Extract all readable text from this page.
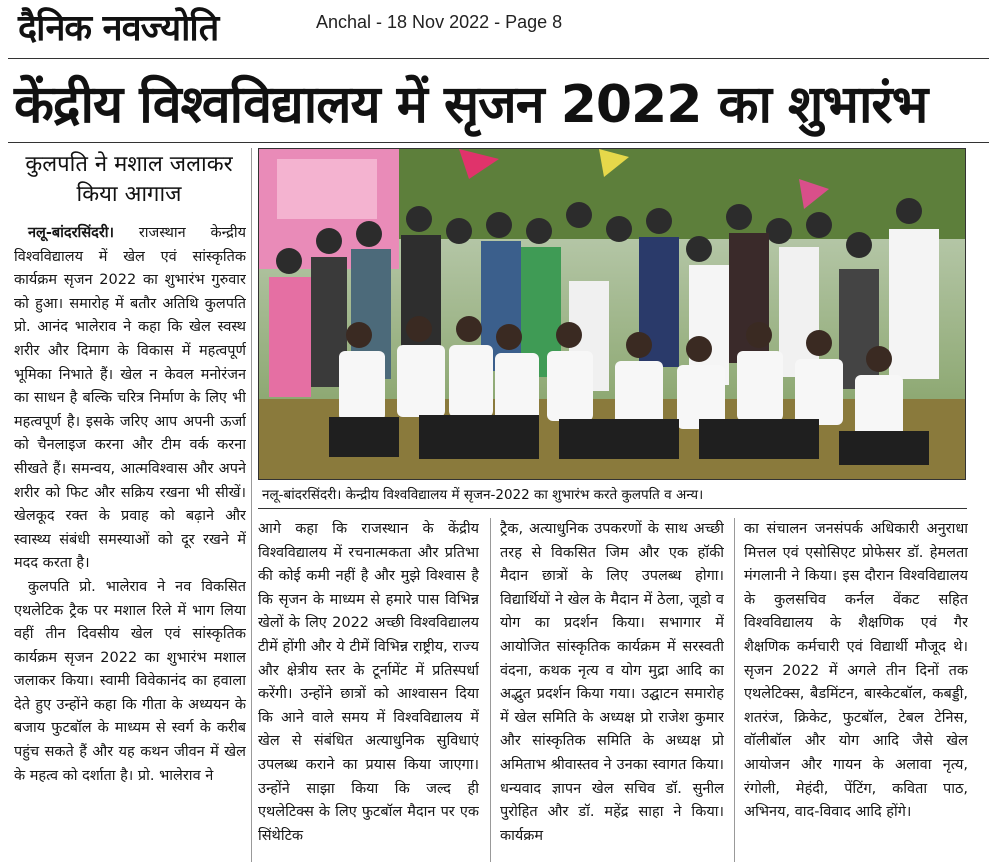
दैनिक नवज्योति	Anchal - 18 Nov 2022 - Page 8
केंद्रीय विश्वविद्यालय में सृजन 2022 का शुभारंभ
कुलपति ने मशाल जलाकर किया आगाज

नलू-बांदरसिंदरी। राजस्थान केन्द्रीय विश्वविद्यालय में खेल एवं सांस्कृतिक कार्यक्रम सृजन 2022 का शुभारंभ गुरुवार को हुआ। समारोह में बतौर अतिथि कुलपति प्रो. आनंद भालेराव ने कहा कि खेल स्वस्थ शरीर और दिमाग के विकास में महत्वपूर्ण भूमिका निभाते हैं। खेल न केवल मनोरंजन का साधन है बल्कि चरित्र निर्माण के लिए भी महत्वपूर्ण है। इसके जरिए आप अपनी ऊर्जा को चैनलाइज करना और टीम वर्क करना सीखते हैं। समन्वय, आत्मविश्वास और अपने शरीर को फिट और सक्रिय रखना भी सीखें। खेलकूद रक्त के प्रवाह को बढ़ाने और स्वास्थ्य संबंधी समस्याओं को दूर रखने में मदद करता है।

कुलपति प्रो. भालेराव ने नव विकसित एथलेटिक ट्रैक पर मशाल रिले में भाग लिया वहीं तीन दिवसीय खेल एवं सांस्कृतिक कार्यक्रम सृजन 2022 का शुभारंभ मशाल जलाकर किया। स्वामी विवेकानंद का हवाला देते हुए उन्होंने कहा कि गीता के अध्ययन के बजाय फुटबॉल के माध्यम से स्वर्ग के करीब पहुंच सकते हैं और यह कथन जीवन में खेल के महत्व को दर्शाता है। प्रो. भालेराव ने

नलू-बांदरसिंदरी। केन्द्रीय विश्वविद्यालय में सृजन-2022 का शुभारंभ करते कुलपति व अन्य।

आगे कहा कि राजस्थान के केंद्रीय विश्वविद्यालय में रचनात्मकता और प्रतिभा की कोई कमी नहीं है और मुझे विश्वास है कि सृजन के माध्यम से हमारे पास विभिन्न खेलों के लिए 2022 अच्छी विश्वविद्यालय टीमें होंगी और ये टीमें विभिन्न राष्ट्रीय, राज्य और क्षेत्रीय स्तर के टूर्नामेंट में प्रतिस्पर्धा करेंगी। उन्होंने छात्रों को आश्वासन दिया कि आने वाले समय में विश्वविद्यालय में खेल से संबंधित अत्याधुनिक सुविधाएं उपलब्ध कराने का प्रयास किया जाएगा। उन्होंने साझा किया कि जल्द ही एथलेटिक्स के लिए फुटबॉल मैदान पर एक सिंथेटिक

ट्रैक, अत्याधुनिक उपकरणों के साथ अच्छी तरह से विकसित जिम और एक हॉकी मैदान छात्रों के लिए उपलब्ध होगा। विद्यार्थियों ने खेल के मैदान में ठेला, जूडो व योग का प्रदर्शन किया। सभागार में आयोजित सांस्कृतिक कार्यक्रम में सरस्वती वंदना, कथक नृत्य व योग मुद्रा आदि का अद्भुत प्रदर्शन किया गया। उद्घाटन समारोह में खेल समिति के अध्यक्ष प्रो राजेश कुमार और सांस्कृतिक समिति के अध्यक्ष प्रो अमिताभ श्रीवास्तव ने उनका स्वागत किया। धन्यवाद ज्ञापन खेल सचिव डॉ. सुनील पुरोहित और डॉ. महेंद्र साहा ने किया। कार्यक्रम

का संचालन जनसंपर्क अधिकारी अनुराधा मित्तल एवं एसोसिएट प्रोफेसर डॉ. हेमलता मंगलानी ने किया। इस दौरान विश्वविद्यालय के कुलसचिव कर्नल वेंकट सहित विश्वविद्यालय के शैक्षणिक एवं गैर शैक्षणिक कर्मचारी एवं विद्यार्थी मौजूद थे। सृजन 2022 में अगले तीन दिनों तक एथलेटिक्स, बैडमिंटन, बास्केटबॉल, कबड्डी, शतरंज, क्रिकेट, फुटबॉल, टेबल टेनिस, वॉलीबॉल और योग आदि जैसे खेल आयोजन और गायन के अलावा नृत्य, रंगोली, मेहंदी, पेंटिंग, कविता पाठ, अभिनय, वाद-विवाद आदि होंगे।
